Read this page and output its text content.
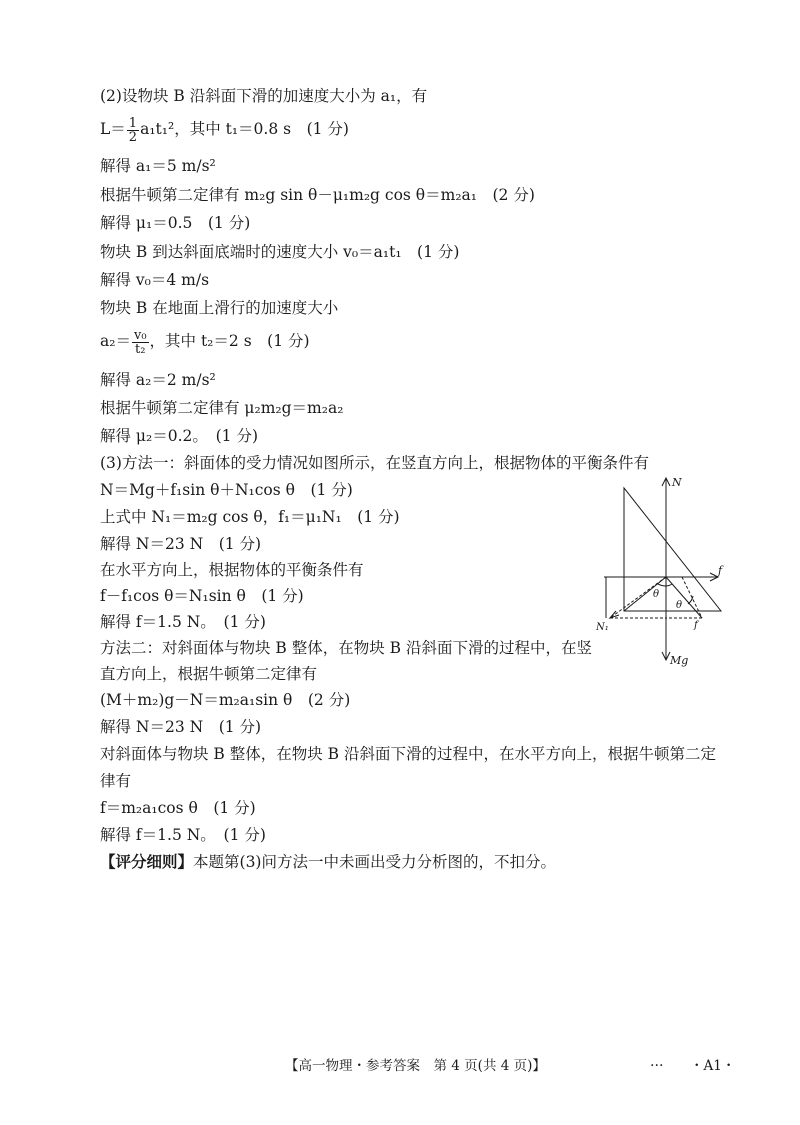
(2)设物块 B 沿斜面下滑的加速度大小为 a₁，有
$L= \frac{1}{2} a_1t_1^2$，其中 t₁＝0.8 s　(1 分)
解得 a₁＝5 m/s²
根据牛顿第二定律有 m₂g sin θ－μ₁m₂g cos θ＝m₂a₁　(2 分)
解得 μ₁＝0.5　(1 分)
物块 B 到达斜面底端时的速度大小 v₀＝a₁t₁　(1 分)
解得 v₀＝4 m/s
物块 B 在地面上滑行的加速度大小
$a_2= \frac{\text{v₀}}{\text{t₂}}$ ，其中 t₂＝2 s　(1 分)
解得 a₂＝2 m/s²
根据牛顿第二定律有 μ₂m₂g＝m₂a₂
解得 μ₂＝0.2。　(1 分)
(3)方法一：斜面体的受力情况如图所示，在竖直方向上，根据物体的平衡条件有
N＝Mg＋f₁sin θ＋N₁cos θ　(1 分)
上式中 N₁＝m₂g cos θ，f₁＝μ₁N₁　(1 分)
解得 N＝23 N　(1 分)
在水平方向上，根据物体的平衡条件有
f－f₁cos θ＝N₁sin θ　(1 分)
解得 f＝1.5 N。　(1 分)
方法二：对斜面体与物块 B 整体，在物块 B 沿斜面下滑的过程中，在竖
直方向上，根据牛顿第二定律有
(M＋m₂)g－N＝m₂a₁sin θ　(2 分)
解得 N＝23 N　(1 分)
对斜面体与物块 B 整体，在物块 B 沿斜面下滑的过程中，在水平方向上，根据牛顿第二定
律有
f＝m₂a₁cos θ　(1 分)
解得 f＝1.5 N。　(1 分)
【评分细则】本题第(3)问方法一中未画出受力分析图的，不扣分。
N
f
N₁	f
Mg
θ
θ
【高一物理・参考答案　第 4 页(共 4 页)】	… ・A1・
